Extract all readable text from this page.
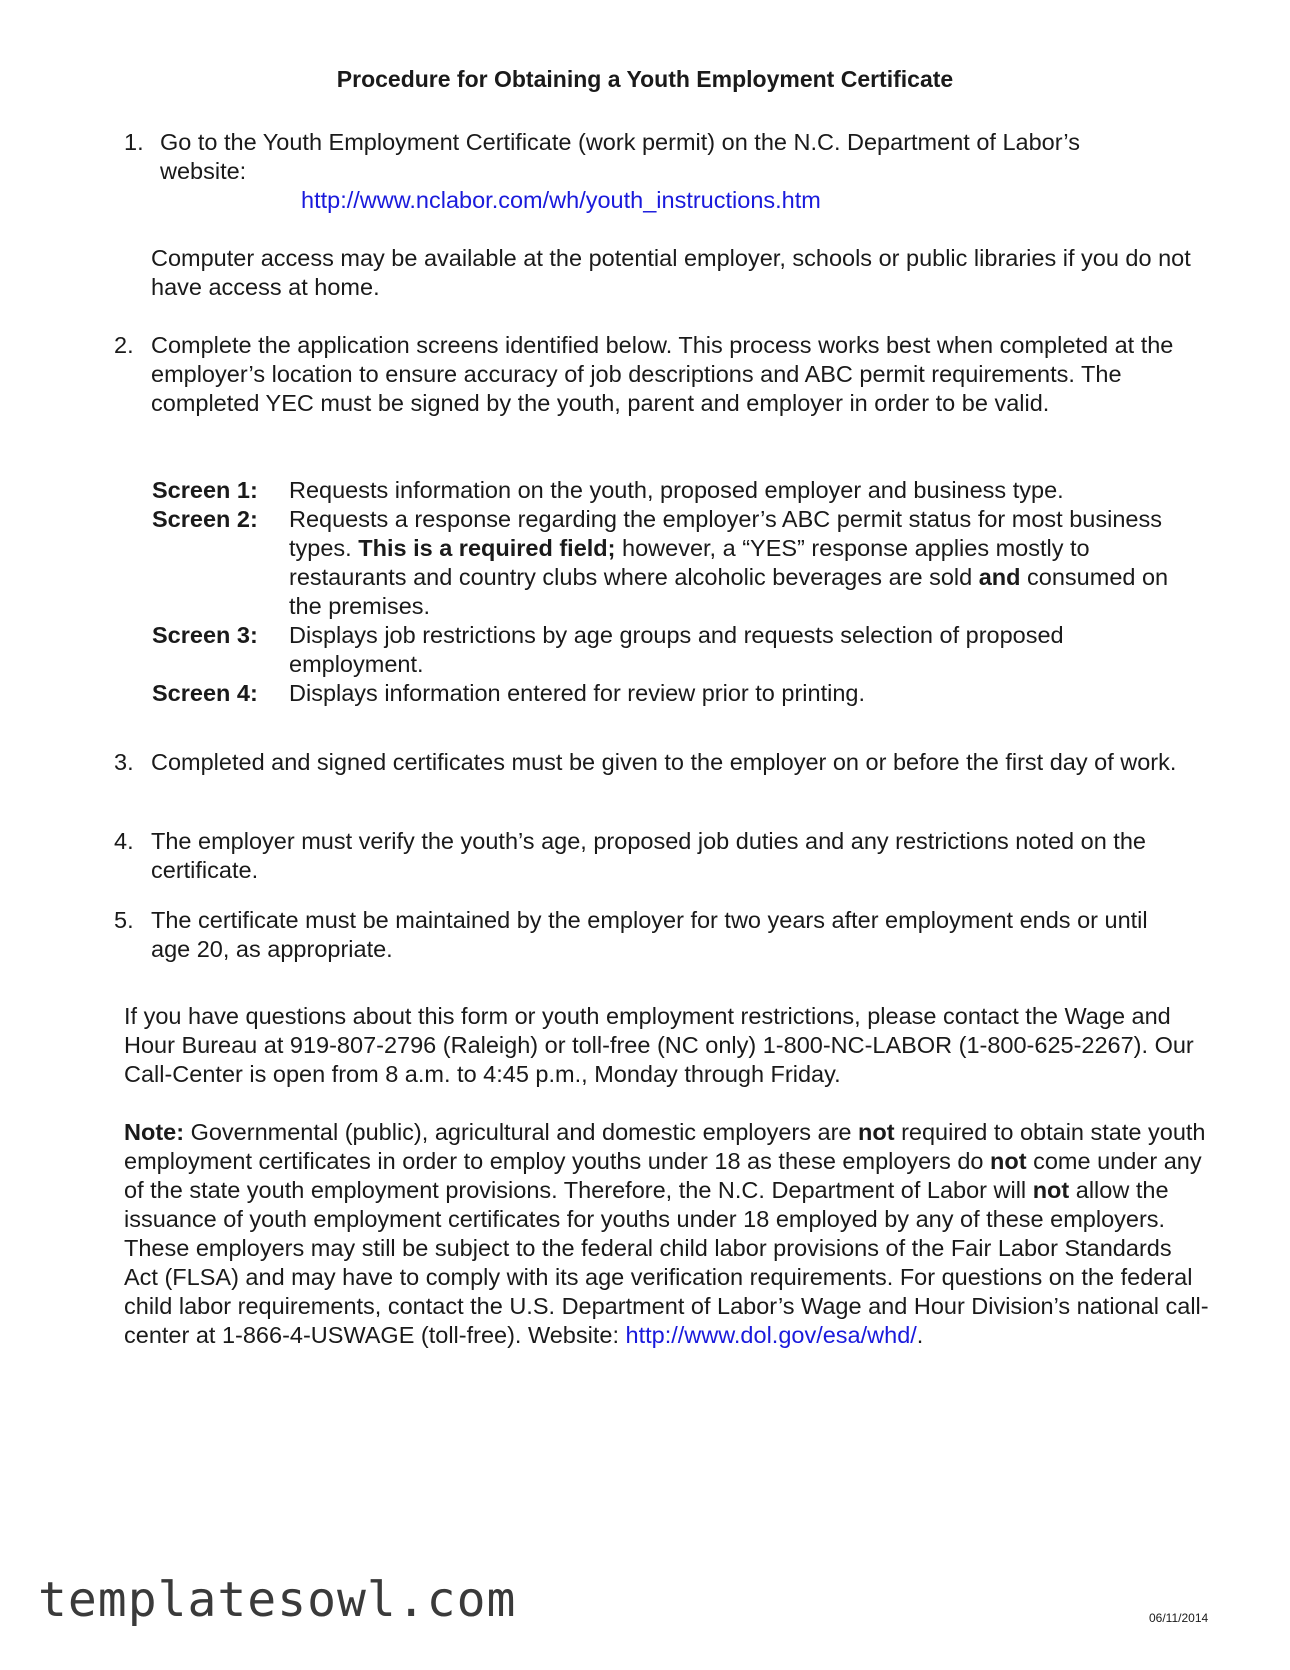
Procedure for Obtaining a Youth Employment Certificate
1. Go to the Youth Employment Certificate (work permit) on the N.C. Department of Labor’s website:
http://www.nclabor.com/wh/youth_instructions.htm
Computer access may be available at the potential employer, schools or public libraries if you do not have access at home.
2. Complete the application screens identified below. This process works best when completed at the employer’s location to ensure accuracy of job descriptions and ABC permit requirements. The completed YEC must be signed by the youth, parent and employer in order to be valid.
Screen 1: Requests information on the youth, proposed employer and business type.
Screen 2: Requests a response regarding the employer’s ABC permit status for most business types. This is a required field; however, a “YES” response applies mostly to restaurants and country clubs where alcoholic beverages are sold and consumed on the premises.
Screen 3: Displays job restrictions by age groups and requests selection of proposed employment.
Screen 4: Displays information entered for review prior to printing.
3. Completed and signed certificates must be given to the employer on or before the first day of work.
4. The employer must verify the youth’s age, proposed job duties and any restrictions noted on the certificate.
5. The certificate must be maintained by the employer for two years after employment ends or until age 20, as appropriate.
If you have questions about this form or youth employment restrictions, please contact the Wage and Hour Bureau at 919-807-2796 (Raleigh) or toll-free (NC only) 1-800-NC-LABOR (1-800-625-2267). Our Call-Center is open from 8 a.m. to 4:45 p.m., Monday through Friday.
Note: Governmental (public), agricultural and domestic employers are not required to obtain state youth employment certificates in order to employ youths under 18 as these employers do not come under any of the state youth employment provisions. Therefore, the N.C. Department of Labor will not allow the issuance of youth employment certificates for youths under 18 employed by any of these employers. These employers may still be subject to the federal child labor provisions of the Fair Labor Standards Act (FLSA) and may have to comply with its age verification requirements. For questions on the federal child labor requirements, contact the U.S. Department of Labor’s Wage and Hour Division’s national call-center at 1-866-4-USWAGE (toll-free). Website: http://www.dol.gov/esa/whd/.
templatesowl.com	06/11/2014
